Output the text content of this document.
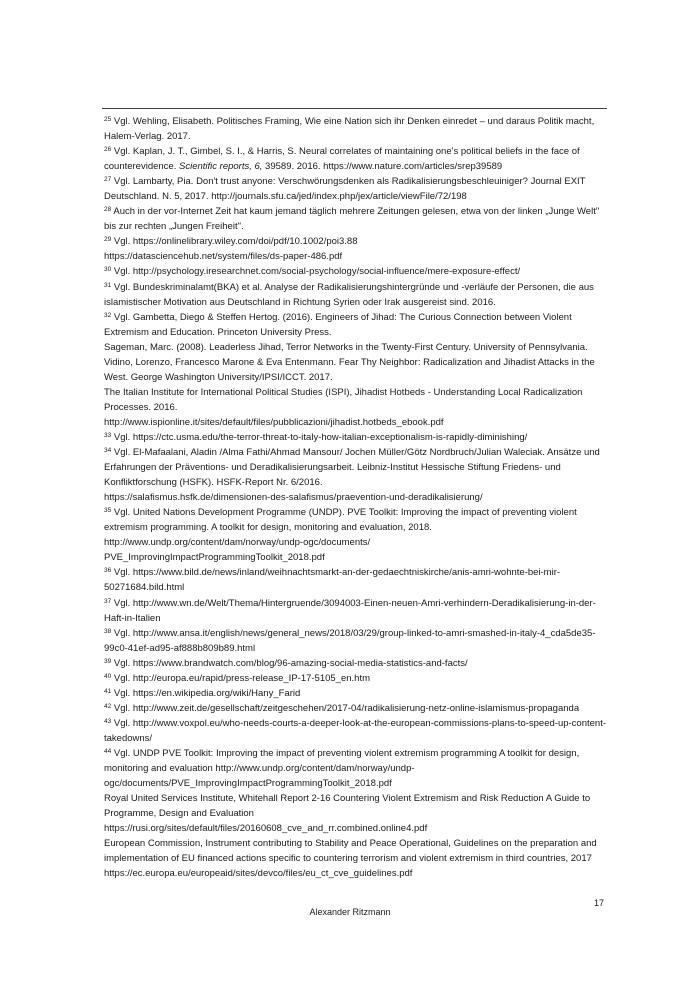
$^{25}$ Vgl. Wehling, Elisabeth. Politisches Framing, Wie eine Nation sich ihr Denken einredet – und daraus Politik macht, Halem-Verlag. 2017.

$^{26}$ Vgl. Kaplan, J. T., Gimbel, S. I., & Harris, S. Neural correlates of maintaining one's political beliefs in the face of counterevidence. Scientific reports, 6, 39589. 2016. https://www.nature.com/articles/srep39589

$^{27}$ Vgl. Lambarty, Pia. Don't trust anyone: Verschwörungsdenken als Radikalisierungsbeschleuiniger? Journal EXIT Deutschland. N. 5, 2017. http://journals.sfu.ca/jed/index.php/jex/article/viewFile/72/198

$^{28}$ Auch in der vor-Internet Zeit hat kaum jemand täglich mehrere Zeitungen gelesen, etwa von der linken „Junge Welt" bis zur rechten „Jungen Freiheit".

$^{29}$ Vgl. https://onlinelibrary.wiley.com/doi/pdf/10.1002/poi3.88

https://datasciencehub.net/system/files/ds-paper-486.pdf

$^{30}$ Vgl. http://psychology.iresearchnet.com/social-psychology/social-influence/mere-exposure-effect/

$^{31}$ Vgl. Bundeskriminalamt(BKA) et al. Analyse der Radikalisierungshintergründe und -verläufe der Personen, die aus islamistischer Motivation aus Deutschland in Richtung Syrien oder Irak ausgereist sind. 2016.

$^{32}$ Vgl. Gambetta, Diego & Steffen Hertog. (2016). Engineers of Jihad: The Curious Connection between Violent Extremism and Education. Princeton University Press.

Sageman, Marc. (2008). Leaderless Jihad, Terror Networks in the Twenty-First Century. University of Pennsylvania.

Vidino, Lorenzo, Francesco Marone & Eva Entenmann. Fear Thy Neighbor: Radicalization and Jihadist Attacks in the West. George Washington University/IPSI/ICCT. 2017.

The Italian Institute for International Political Studies (ISPI), Jihadist Hotbeds - Understanding Local Radicalization Processes. 2016.

http://www.ispionline.it/sites/default/files/pubblicazioni/jihadist.hotbeds_ebook.pdf

$^{33}$ Vgl. https://ctc.usma.edu/the-terror-threat-to-italy-how-italian-exceptionalism-is-rapidly-diminishing/

$^{34}$ Vgl. El-Mafaalani, Aladin /Alma Fathi/Ahmad Mansour/ Jochen Müller/Götz Nordbruch/Julian Waleciak. Ansätze und Erfahrungen der Präventions- und Deradikalisierungsarbeit. Leibniz-Institut Hessische Stiftung Friedens- und Konfliktforschung (HSFK). HSFK-Report Nr. 6/2016.

https://salafismus.hsfk.de/dimensionen-des-salafismus/praevention-und-deradikalisierung/

$^{35}$ Vgl. United Nations Development Programme (UNDP). PVE Toolkit: Improving the impact of preventing violent extremism programming. A toolkit for design, monitoring and evaluation, 2018.

http://www.undp.org/content/dam/norway/undp-ogc/documents/

PVE_ImprovingImpactProgrammingToolkit_2018.pdf

$^{36}$ Vgl. https://www.bild.de/news/inland/weihnachtsmarkt-an-der-gedaechtniskirche/anis-amri-wohnte-bei-mir-50271684.bild.html

$^{37}$ Vgl. http://www.wn.de/Welt/Thema/Hintergruende/3094003-Einen-neuen-Amri-verhindern-Deradikalisierung-in-der-Haft-in-Italien

$^{38}$ Vgl. http://www.ansa.it/english/news/general_news/2018/03/29/group-linked-to-amri-smashed-in-italy-4_cda5de35-99c0-41ef-ad95-af888b809b89.html

$^{39}$ Vgl. https://www.brandwatch.com/blog/96-amazing-social-media-statistics-and-facts/

$^{40}$ Vgl. http://europa.eu/rapid/press-release_IP-17-5105_en.htm

$^{41}$ Vgl. https://en.wikipedia.org/wiki/Hany_Farid

$^{42}$ Vgl. http://www.zeit.de/gesellschaft/zeitgeschehen/2017-04/radikalisierung-netz-online-islamismus-propaganda

$^{43}$ Vgl. http://www.voxpol.eu/who-needs-courts-a-deeper-look-at-the-european-commissions-plans-to-speed-up-content-takedowns/

$^{44}$ Vgl. UNDP PVE Toolkit: Improving the impact of preventing violent extremism programming A toolkit for design, monitoring and evaluation http://www.undp.org/content/dam/norway/undp-ogc/documents/PVE_ImprovingImpactProgrammingToolkit_2018.pdf

Royal United Services Institute, Whitehall Report 2-16 Countering Violent Extremism and Risk Reduction A Guide to Programme, Design and Evaluation

https://rusi.org/sites/default/files/20160608_cve_and_rr.combined.online4.pdf

European Commission, Instrument contributing to Stability and Peace Operational, Guidelines on the preparation and implementation of EU financed actions specific to countering terrorism and violent extremism in third countries, 2017 https://ec.europa.eu/europeaid/sites/devco/files/eu_ct_cve_guidelines.pdf

17
Alexander Ritzmann
